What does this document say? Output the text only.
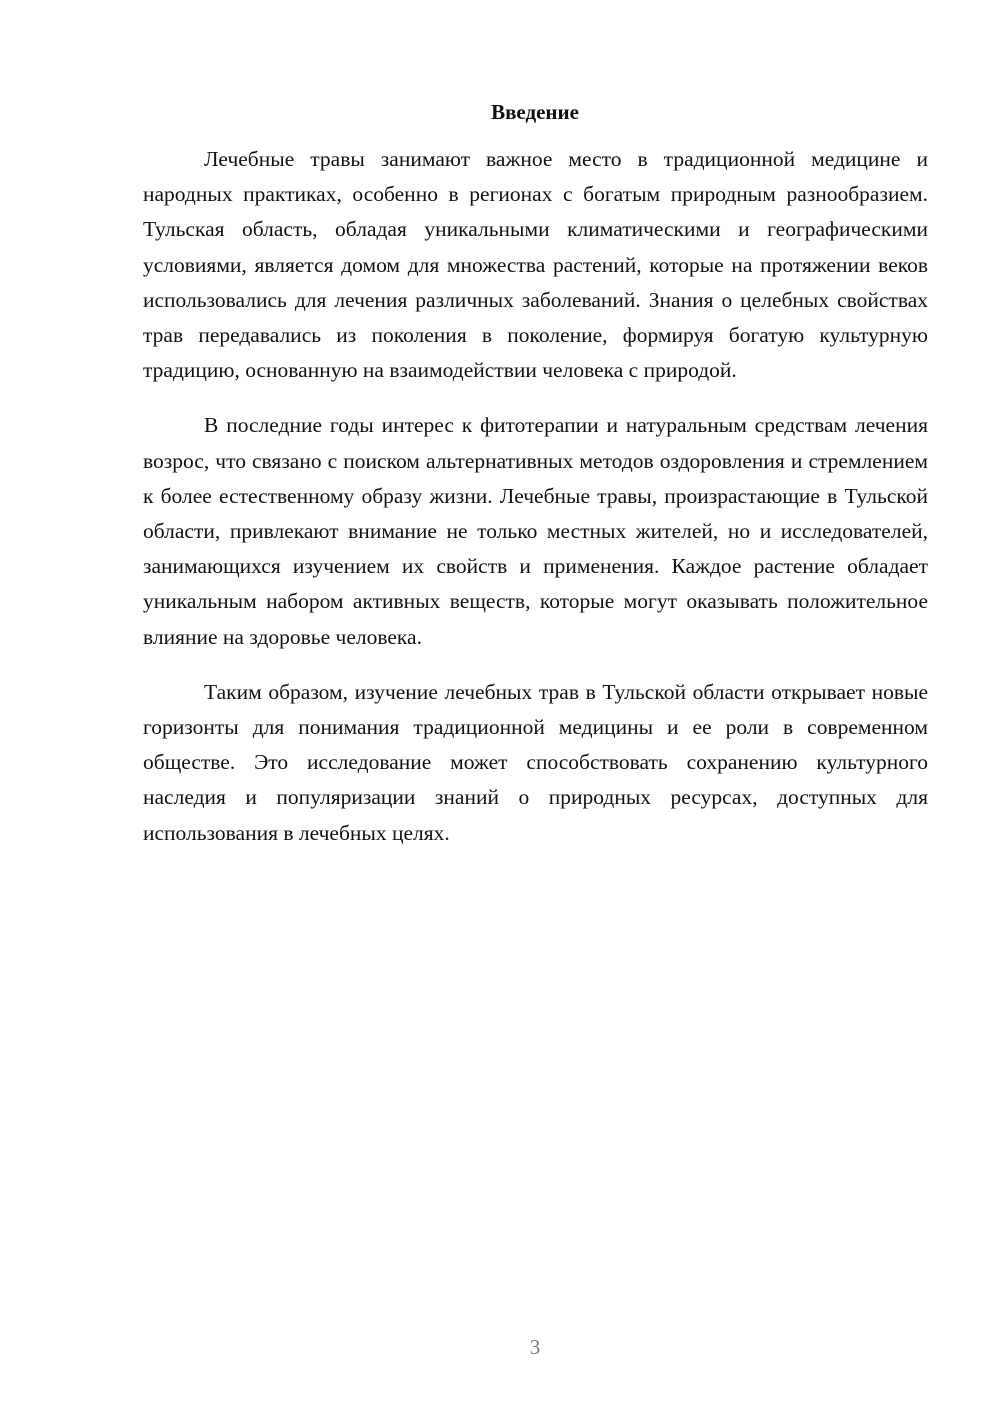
Введение

Лечебные травы занимают важное место в традиционной медицине и народных практиках, особенно в регионах с богатым природным разнообразием. Тульская область, обладая уникальными климатическими и географическими условиями, является домом для множества растений, которые на протяжении веков использовались для лечения различных заболеваний. Знания о целебных свойствах трав передавались из поколения в поколение, формируя богатую культурную традицию, основанную на взаимодействии человека с природой.

В последние годы интерес к фитотерапии и натуральным средствам лечения возрос, что связано с поиском альтернативных методов оздоровления и стремлением к более естественному образу жизни. Лечебные травы, произрастающие в Тульской области, привлекают внимание не только местных жителей, но и исследователей, занимающихся изучением их свойств и применения. Каждое растение обладает уникальным набором активных веществ, которые могут оказывать положительное влияние на здоровье человека.

Таким образом, изучение лечебных трав в Тульской области открывает новые горизонты для понимания традиционной медицины и ее роли в современном обществе. Это исследование может способствовать сохранению культурного наследия и популяризации знаний о природных ресурсах, доступных для использования в лечебных целях.

3
